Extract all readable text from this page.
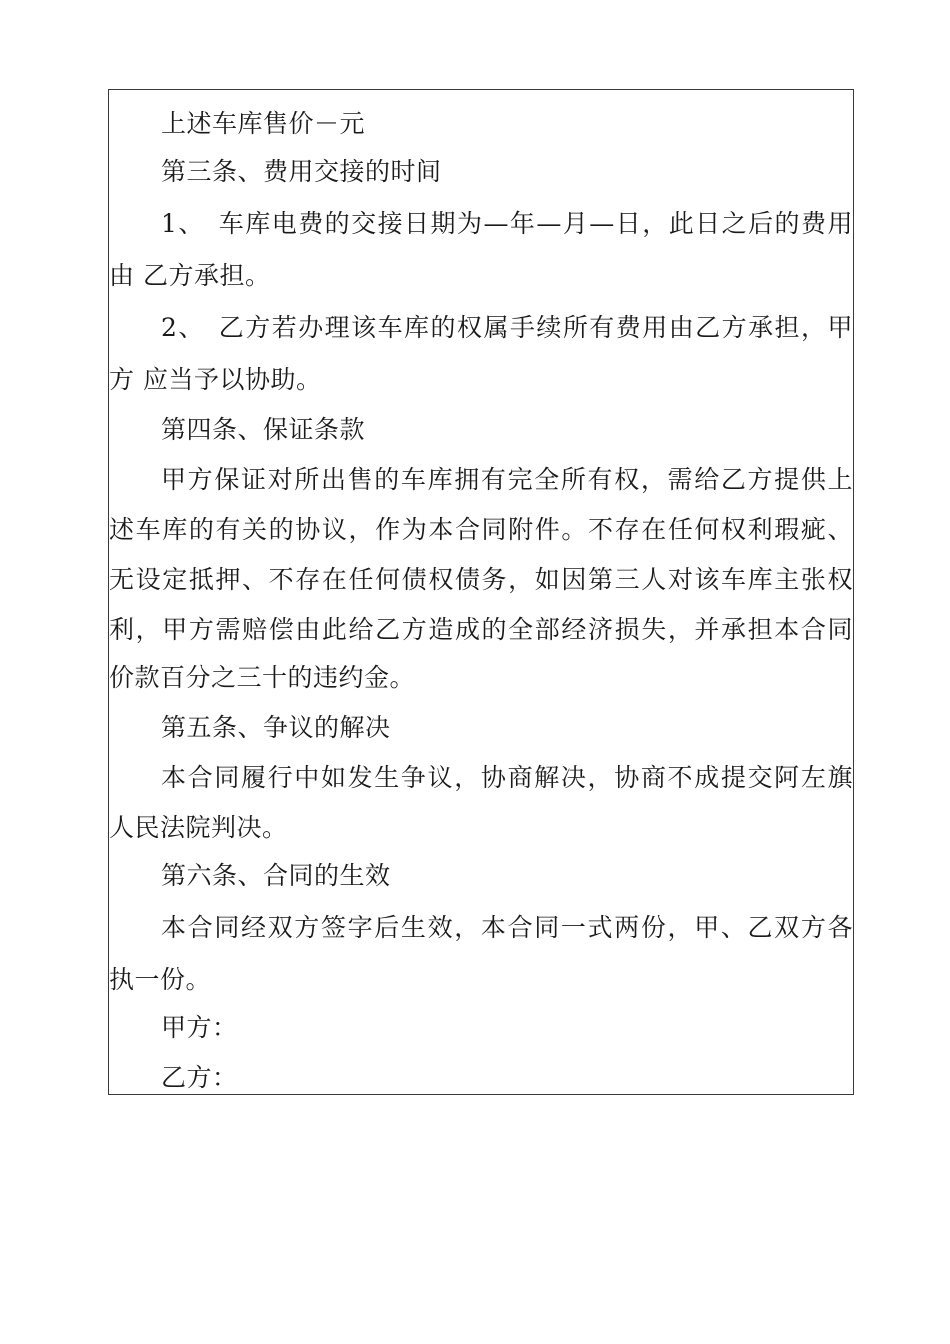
上述车库售价－元
第三条、费用交接的时间
1、　车库电费的交接日期为—年—月—日，此日之后的费用
由 乙方承担。
2、　乙方若办理该车库的权属手续所有费用由乙方承担，甲
方 应当予以协助。
第四条、保证条款
甲方保证对所出售的车库拥有完全所有权，需给乙方提供上
述车库的有关的协议，作为本合同附件。不存在任何权利瑕疵、
无设定抵押、不存在任何债权债务，如因第三人对该车库主张权
利，甲方需赔偿由此给乙方造成的全部经济损失，并承担本合同
价款百分之三十的违约金。
第五条、争议的解决
本合同履行中如发生争议，协商解决，协商不成提交阿左旗
人民法院判决。
第六条、合同的生效
本合同经双方签字后生效，本合同一式两份，甲、乙双方各
执一份。
甲方：
乙方：
